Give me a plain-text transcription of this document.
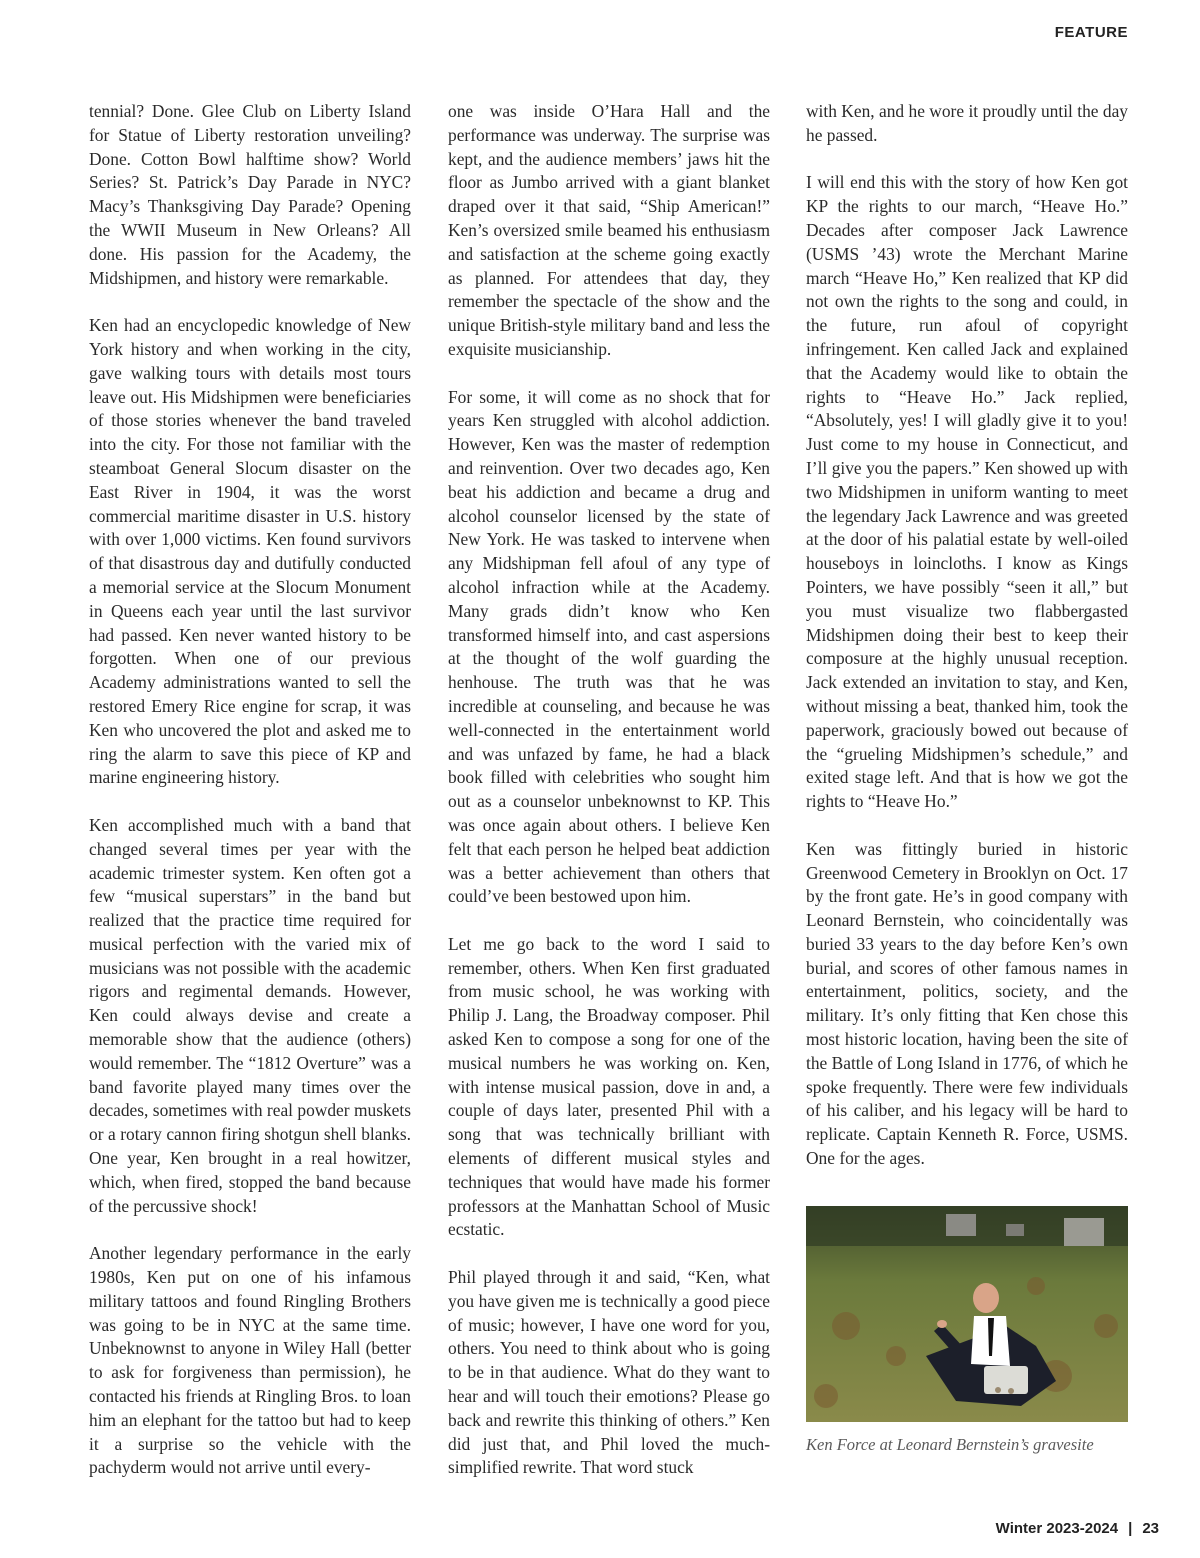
FEATURE

tennial? Done. Glee Club on Liberty Island for Statue of Liberty restoration unveiling? Done. Cotton Bowl halftime show? World Series? St. Patrick’s Day Parade in NYC? Macy’s Thanksgiving Day Parade? Opening the WWII Museum in New Orleans? All done. His passion for the Academy, the Midshipmen, and history were remarkable.

Ken had an encyclopedic knowledge of New York history and when working in the city, gave walking tours with details most tours leave out. His Midshipmen were beneficiaries of those stories whenever the band traveled into the city. For those not familiar with the steamboat General Slocum disaster on the East River in 1904, it was the worst commercial maritime disaster in U.S. history with over 1,000 victims. Ken found survivors of that disastrous day and dutifully conducted a memorial service at the Slocum Monument in Queens each year until the last survivor had passed. Ken never wanted history to be forgotten. When one of our previous Academy administrations wanted to sell the restored Emery Rice engine for scrap, it was Ken who uncovered the plot and asked me to ring the alarm to save this piece of KP and marine engineering history.

Ken accomplished much with a band that changed several times per year with the academic trimester system. Ken often got a few “musical superstars” in the band but realized that the practice time required for musical perfection with the varied mix of musicians was not possible with the academic rigors and regimental demands. However, Ken could always devise and create a memorable show that the audience (others) would remember. The “1812 Overture” was a band favorite played many times over the decades, sometimes with real powder muskets or a rotary cannon firing shotgun shell blanks. One year, Ken brought in a real howitzer, which, when fired, stopped the band because of the percussive shock!

Another legendary performance in the early 1980s, Ken put on one of his infamous military tattoos and found Ringling Brothers was going to be in NYC at the same time. Unbeknownst to anyone in Wiley Hall (better to ask for forgiveness than permission), he contacted his friends at Ringling Bros. to loan him an elephant for the tattoo but had to keep it a surprise so the vehicle with the pachyderm would not arrive until every-

one was inside O’Hara Hall and the performance was underway. The surprise was kept, and the audience members’ jaws hit the floor as Jumbo arrived with a giant blanket draped over it that said, “Ship American!” Ken’s oversized smile beamed his enthusiasm and satisfaction at the scheme going exactly as planned. For attendees that day, they remember the spectacle of the show and the unique British-style military band and less the exquisite musicianship.

For some, it will come as no shock that for years Ken struggled with alcohol addiction. However, Ken was the master of redemption and reinvention. Over two decades ago, Ken beat his addiction and became a drug and alcohol counselor licensed by the state of New York. He was tasked to intervene when any Midshipman fell afoul of any type of alcohol infraction while at the Academy. Many grads didn’t know who Ken transformed himself into, and cast aspersions at the thought of the wolf guarding the henhouse. The truth was that he was incredible at counseling, and because he was well-connected in the entertainment world and was unfazed by fame, he had a black book filled with celebrities who sought him out as a counselor unbeknownst to KP. This was once again about others. I believe Ken felt that each person he helped beat addiction was a better achievement than others that could’ve been bestowed upon him.

Let me go back to the word I said to remember, others. When Ken first graduated from music school, he was working with Philip J. Lang, the Broadway composer. Phil asked Ken to compose a song for one of the musical numbers he was working on. Ken, with intense musical passion, dove in and, a couple of days later, presented Phil with a song that was technically brilliant with elements of different musical styles and techniques that would have made his former professors at the Manhattan School of Music ecstatic.

Phil played through it and said, “Ken, what you have given me is technically a good piece of music; however, I have one word for you, others. You need to think about who is going to be in that audience. What do they want to hear and will touch their emotions? Please go back and rewrite this thinking of others.” Ken did just that, and Phil loved the much-simplified rewrite. That word stuck

with Ken, and he wore it proudly until the day he passed.

I will end this with the story of how Ken got KP the rights to our march, “Heave Ho.” Decades after composer Jack Lawrence (USMS ’43) wrote the Merchant Marine march “Heave Ho,” Ken realized that KP did not own the rights to the song and could, in the future, run afoul of copyright infringement. Ken called Jack and explained that the Academy would like to obtain the rights to “Heave Ho.” Jack replied, “Absolutely, yes! I will gladly give it to you! Just come to my house in Connecticut, and I’ll give you the papers.” Ken showed up with two Midshipmen in uniform wanting to meet the legendary Jack Lawrence and was greeted at the door of his palatial estate by well-oiled houseboys in loincloths. I know as Kings Pointers, we have possibly “seen it all,” but you must visualize two flabbergasted Midshipmen doing their best to keep their composure at the highly unusual reception. Jack extended an invitation to stay, and Ken, without missing a beat, thanked him, took the paperwork, graciously bowed out because of the “grueling Midshipmen’s schedule,” and exited stage left. And that is how we got the rights to “Heave Ho.”

Ken was fittingly buried in historic Greenwood Cemetery in Brooklyn on Oct. 17 by the front gate. He’s in good company with Leonard Bernstein, who coincidentally was buried 33 years to the day before Ken’s own burial, and scores of other famous names in entertainment, politics, society, and the military. It’s only fitting that Ken chose this most historic location, having been the site of the Battle of Long Island in 1776, of which he spoke frequently. There were few individuals of his caliber, and his legacy will be hard to replicate. Captain Kenneth R. Force, USMS. One for the ages.

Ken Force at Leonard Bernstein’s gravesite
Winter 2023-2024 | 23
